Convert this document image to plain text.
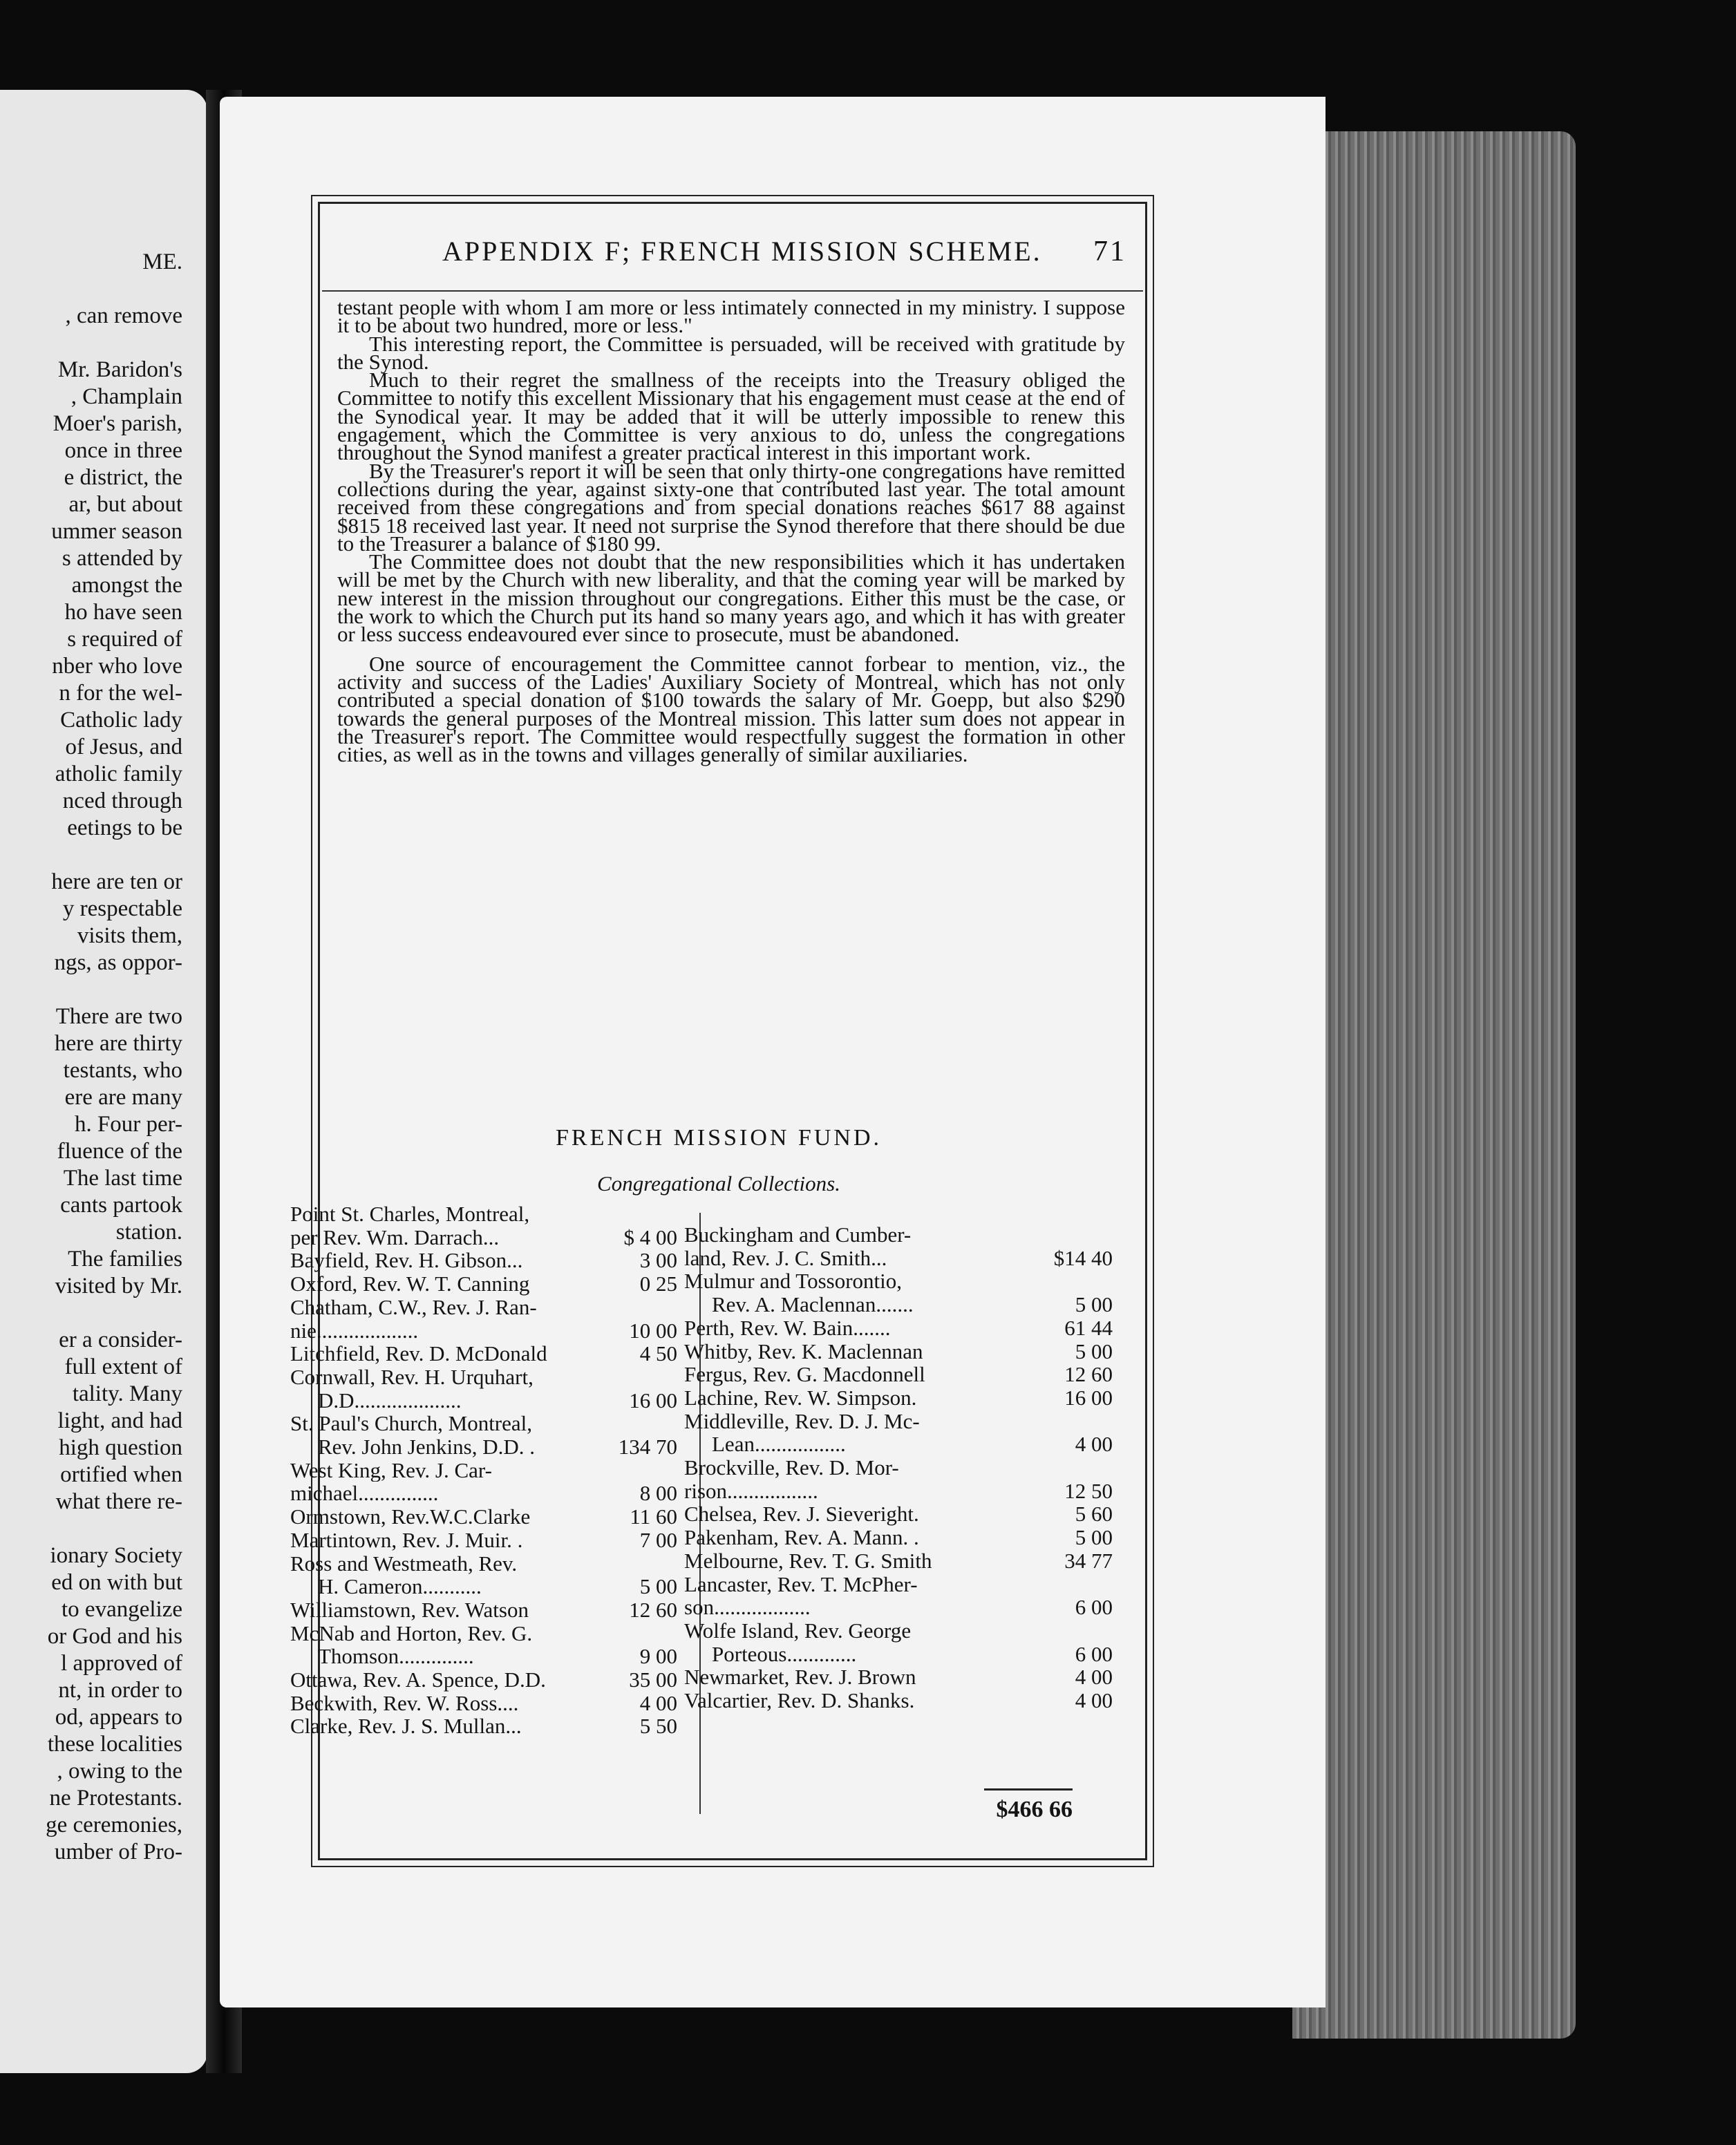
ME.
, can remove
Mr. Baridon's
, Champlain
Moer's parish,
once in three
e district, the
ar, but about
ummer season
s attended by
amongst the
ho have seen
s required of
nber who love
n for the wel-
Catholic lady
of Jesus, and
atholic family
nced through
eetings to be
here are ten or
y respectable
visits them,
ngs, as oppor-
There are two
here are thirty
testants, who
ere are many
h. Four per-
fluence of the
The last time
cants partook
station.
The families
visited by Mr.
er a consider-
full extent of
tality. Many
light, and had
high question
ortified when
what there re-
ionary Society
ed on with but
to evangelize
or God and his
l approved of
nt, in order to
od, appears to
these localities
, owing to the
ne Protestants.
ge ceremonies,
umber of Pro-
APPENDIX F; FRENCH MISSION SCHEME. 71

testant people with whom I am more or less intimately connected in my ministry. I suppose it to be about two hundred, more or less."

This interesting report, the Committee is persuaded, will be received with gratitude by the Synod.

Much to their regret the smallness of the receipts into the Treasury obliged the Committee to notify this excellent Missionary that his engagement must cease at the end of the Synodical year. It may be added that it will be utterly impossible to renew this engagement, which the Committee is very anxious to do, unless the congregations throughout the Synod manifest a greater practical interest in this important work.

By the Treasurer's report it will be seen that only thirty-one congregations have remitted collections during the year, against sixty-one that contributed last year. The total amount received from these congregations and from special donations reaches $617 88 against $815 18 received last year. It need not surprise the Synod therefore that there should be due to the Treasurer a balance of $180 99.

The Committee does not doubt that the new responsibilities which it has undertaken will be met by the Church with new liberality, and that the coming year will be marked by new interest in the mission throughout our congregations. Either this must be the case, or the work to which the Church put its hand so many years ago, and which it has with greater or less success endeavoured ever since to prosecute, must be abandoned.

One source of encouragement the Committee cannot forbear to mention, viz., the activity and success of the Ladies' Auxiliary Society of Montreal, which has not only contributed a special donation of $100 towards the salary of Mr. Goepp, but also $290 towards the general purposes of the Montreal mission. This latter sum does not appear in the Treasurer's report. The Committee would respectfully suggest the formation in other cities, as well as in the towns and villages generally of similar auxiliaries.

FRENCH MISSION FUND.
Congregational Collections.
Point St. Charles, Montreal,
per Rev. Wm. Darrach...	$ 4 00
Bayfield, Rev. H. Gibson...	3 00
Oxford, Rev. W. T. Canning	0 25
Chatham, C.W., Rev. J. Ran-
nie...................	10 00
Litchfield, Rev. D. McDonald	4 50
Cornwall, Rev. H. Urquhart,
D.D....................	16 00
St. Paul's Church, Montreal,
Rev. John Jenkins, D.D. .	134 70
West King, Rev. J. Car-
michael...............	8 00
Ormstown, Rev.W.C.Clarke	11 60
Martintown, Rev. J. Muir. .	7 00
Ross and Westmeath, Rev.
H. Cameron...........	5 00
Williamstown, Rev. Watson	12 60
McNab and Horton, Rev. G.
Thomson..............	9 00
Ottawa, Rev. A. Spence, D.D.	35 00
Beckwith, Rev. W. Ross....	4 00
Clarke, Rev. J. S. Mullan...	5 50
Buckingham and Cumber-
land, Rev. J. C. Smith...	$14 40
Mulmur and Tossorontio,
Rev. A. Maclennan.......	5 00
Perth, Rev. W. Bain.......	61 44
Whitby, Rev. K. Maclennan	5 00
Fergus, Rev. G. Macdonnell	12 60
Lachine, Rev. W. Simpson.	16 00
Middleville, Rev. D. J. Mc-
Lean.................	4 00
Brockville, Rev. D. Mor-
rison.................	12 50
Chelsea, Rev. J. Sieveright.	5 60
Pakenham, Rev. A. Mann. .	5 00
Melbourne, Rev. T. G. Smith	34 77
Lancaster, Rev. T. McPher-
son..................	6 00
Wolfe Island, Rev. George
Porteous.............	6 00
Newmarket, Rev. J. Brown	4 00
Valcartier, Rev. D. Shanks.	4 00
$466 66
